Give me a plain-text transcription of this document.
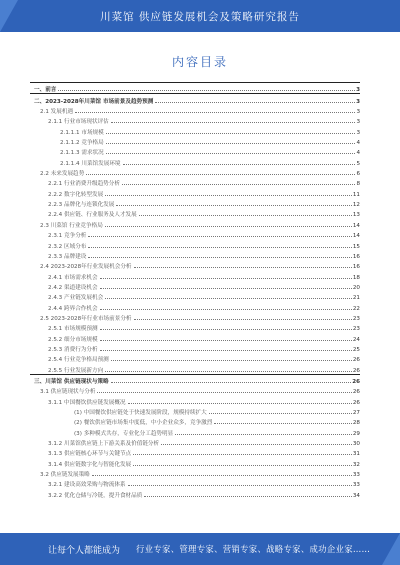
川菜馆 供应链发展机会及策略研究报告
内容目录
一、前言	3
二、2023-2028年川菜馆 市场前景及趋势预测	3
2.1 发展机遇	3
2.1.1 行业市场现状评估	3
2.1.1.1 市场规模	3
2.1.1.2 竞争格局	4
2.1.1.3 需求状况	4
2.1.1.4 川菜馆发展环境	5
2.2 未来发展趋势	6
2.2.1 行业消费升级趋势分析	8
2.2.2 数字化转型发展	11
2.2.3 品牌化与连锁化发展	12
2.2.4 供应链、行业服务及人才发展	13
2.3 川菜馆 行业竞争格局	14
2.3.1 竞争分析	14
2.3.2 区域分布	15
2.3.3 品牌建设	16
2.4 2023-2028年行业发展机会分析	16
2.4.1 市场需求机会	18
2.4.2 渠道建设机会	20
2.4.3 产业链发展机会	21
2.4.4 跨界合作机会	22
2.5 2023-2028年行业市场前景分析	23
2.5.1 市场规模预测	23
2.5.2 细分市场规模	24
2.5.3 消费行为分析	25
2.5.4 行业竞争格局预测	26
2.5.5 行业发展新方向	26
三、川菜馆 供应链现状与策略	26
3.1 供应链现状与分析	26
3.1.1 中国餐饮供应链发展概况	26
(1) 中国餐饮供应链处于快速发展阶段，规模持续扩大	27
(2) 餐饮供应链市场集中度低，中小企业众多，竞争激烈	28
(3) 多种模式共存，专业化分工趋势明显	29
3.1.2 川菜馆供应链上下游关系及价值链分析	30
3.1.3 供应链核心环节与关键节点	31
3.1.4 供应链数字化与智能化发展	32
3.2 供应链发展策略	33
3.2.1 建设高效采购与物流体系	33
3.2.2 优化仓储与冷链，提升食材品质	34
让每个人都能成为 行业专家、管理专家、营销专家、战略专家、成功企业家……
